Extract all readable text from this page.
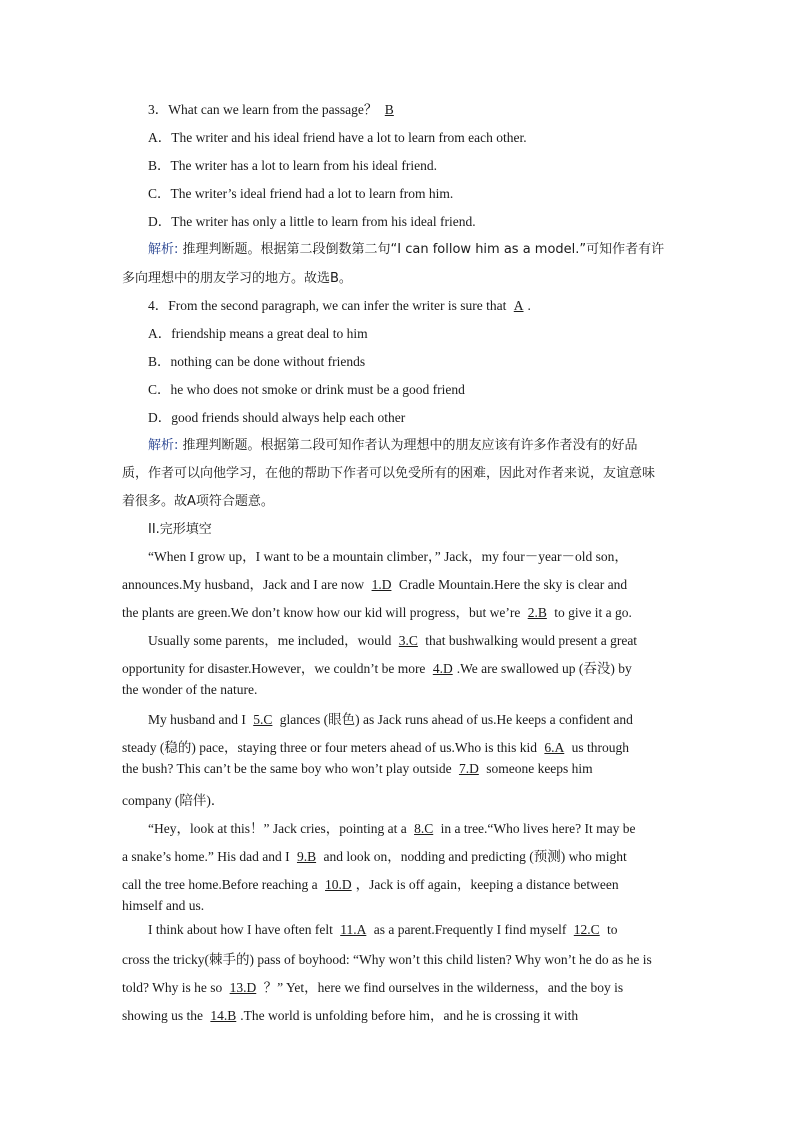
3．What can we learn from the passage？ B
A．The writer and his ideal friend have a lot to learn from each other.
B．The writer has a lot to learn from his ideal friend.
C．The writer’s ideal friend had a lot to learn from him.
D．The writer has only a little to learn from his ideal friend.
解析: 推理判断题。根据第二段倒数第二句“I can follow him as a model.”可知作者有许
多向理想中的朋友学习的地方。故选B。
4．From the second paragraph, we can infer the writer is sure that A .
A．friendship means a great deal to him
B．nothing can be done without friends
C．he who does not smoke or drink must be a good friend
D．good friends should always help each other
解析: 推理判断题。根据第二段可知作者认为理想中的朋友应该有许多作者没有的好品
质，作者可以向他学习，在他的帮助下作者可以免受所有的困难，因此对作者来说，友谊意味
着很多。故A项符合题意。
II.完形填空
“When I grow up，I want to be a mountain climber，” Jack，my four－year－old son，
announces.My husband，Jack and I are now 1.D Cradle Mountain.Here the sky is clear and
the plants are green.We don’t know how our kid will progress，but we’re 2.B to give it a go.
Usually some parents，me included，would 3.C that bushwalking would present a great
opportunity for disaster.However，we couldn’t be more 4.D .We are swallowed up (吞没) by
the wonder of the nature.
My husband and I 5.C glances (眼色) as Jack runs ahead of us.He keeps a confident and
steady (稳的) pace，staying three or four meters ahead of us.Who is this kid 6.A us through
the bush? This can’t be the same boy who won’t play outside 7.D someone keeps him
company (陪伴)．
“Hey，look at this！” Jack cries，pointing at a 8.C in a tree.“Who lives here? It may be
a snake’s home.” His dad and I 9.B and look on，nodding and predicting (预测) who might
call the tree home.Before reaching a 10.D ，Jack is off again，keeping a distance between
himself and us.
I think about how I have often felt 11.A as a parent.Frequently I find myself 12.C to
cross the tricky(棘手的) pass of boyhood: “Why won’t this child listen? Why won’t he do as he is
told? Why is he so 13.D ？” Yet，here we find ourselves in the wilderness，and the boy is
showing us the 14.B .The world is unfolding before him，and he is crossing it with
